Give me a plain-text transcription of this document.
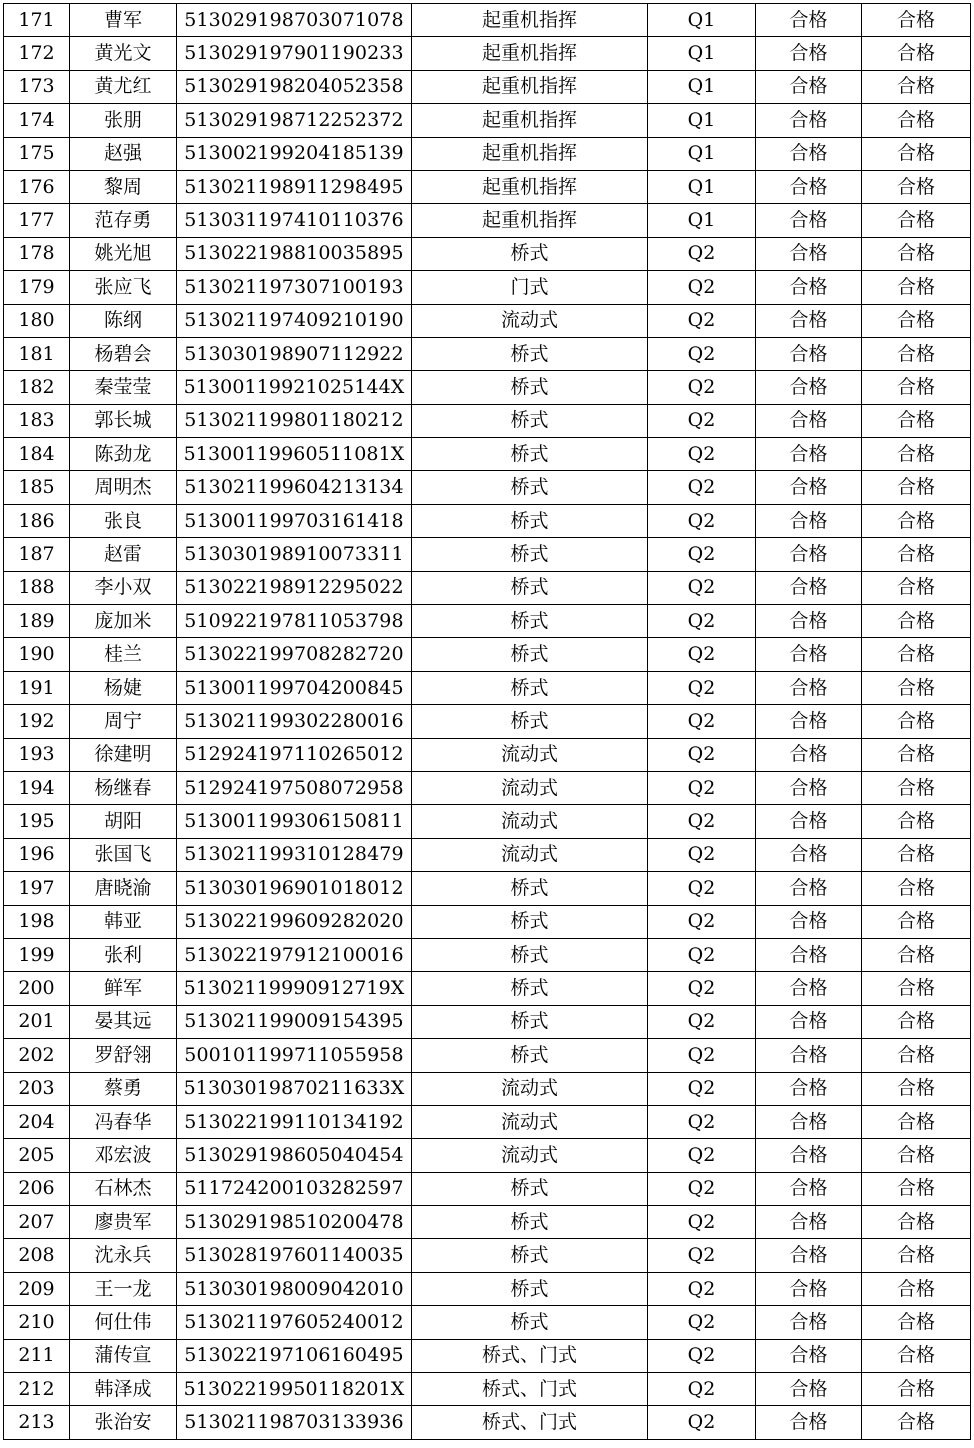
171	曹军	513029198703071078	起重机指挥	Q1	合格	合格
172	黄光文	513029197901190233	起重机指挥	Q1	合格	合格
173	黄尤红	513029198204052358	起重机指挥	Q1	合格	合格
174	张朋	513029198712252372	起重机指挥	Q1	合格	合格
175	赵强	513002199204185139	起重机指挥	Q1	合格	合格
176	黎周	513021198911298495	起重机指挥	Q1	合格	合格
177	范存勇	513031197410110376	起重机指挥	Q1	合格	合格
178	姚光旭	513022198810035895	桥式	Q2	合格	合格
179	张应飞	513021197307100193	门式	Q2	合格	合格
180	陈纲	513021197409210190	流动式	Q2	合格	合格
181	杨碧会	513030198907112922	桥式	Q2	合格	合格
182	秦莹莹	51300119921025144X	桥式	Q2	合格	合格
183	郭长城	513021199801180212	桥式	Q2	合格	合格
184	陈劲龙	51300119960511081X	桥式	Q2	合格	合格
185	周明杰	513021199604213134	桥式	Q2	合格	合格
186	张良	513001199703161418	桥式	Q2	合格	合格
187	赵雷	513030198910073311	桥式	Q2	合格	合格
188	李小双	513022198912295022	桥式	Q2	合格	合格
189	庞加米	510922197811053798	桥式	Q2	合格	合格
190	桂兰	513022199708282720	桥式	Q2	合格	合格
191	杨婕	513001199704200845	桥式	Q2	合格	合格
192	周宁	513021199302280016	桥式	Q2	合格	合格
193	徐建明	512924197110265012	流动式	Q2	合格	合格
194	杨继春	512924197508072958	流动式	Q2	合格	合格
195	胡阳	513001199306150811	流动式	Q2	合格	合格
196	张国飞	513021199310128479	流动式	Q2	合格	合格
197	唐晓渝	513030196901018012	桥式	Q2	合格	合格
198	韩亚	513022199609282020	桥式	Q2	合格	合格
199	张利	513022197912100016	桥式	Q2	合格	合格
200	鲜军	51302119990912719X	桥式	Q2	合格	合格
201	晏其远	513021199009154395	桥式	Q2	合格	合格
202	罗舒翎	500101199711055958	桥式	Q2	合格	合格
203	蔡勇	51303019870211633X	流动式	Q2	合格	合格
204	冯春华	513022199110134192	流动式	Q2	合格	合格
205	邓宏波	513029198605040454	流动式	Q2	合格	合格
206	石林杰	511724200103282597	桥式	Q2	合格	合格
207	廖贵军	513029198510200478	桥式	Q2	合格	合格
208	沈永兵	513028197601140035	桥式	Q2	合格	合格
209	王一龙	513030198009042010	桥式	Q2	合格	合格
210	何仕伟	513021197605240012	桥式	Q2	合格	合格
211	蒲传宣	513022197106160495	桥式、门式	Q2	合格	合格
212	韩泽成	51302219950118201X	桥式、门式	Q2	合格	合格
213	张治安	513021198703133936	桥式、门式	Q2	合格	合格
